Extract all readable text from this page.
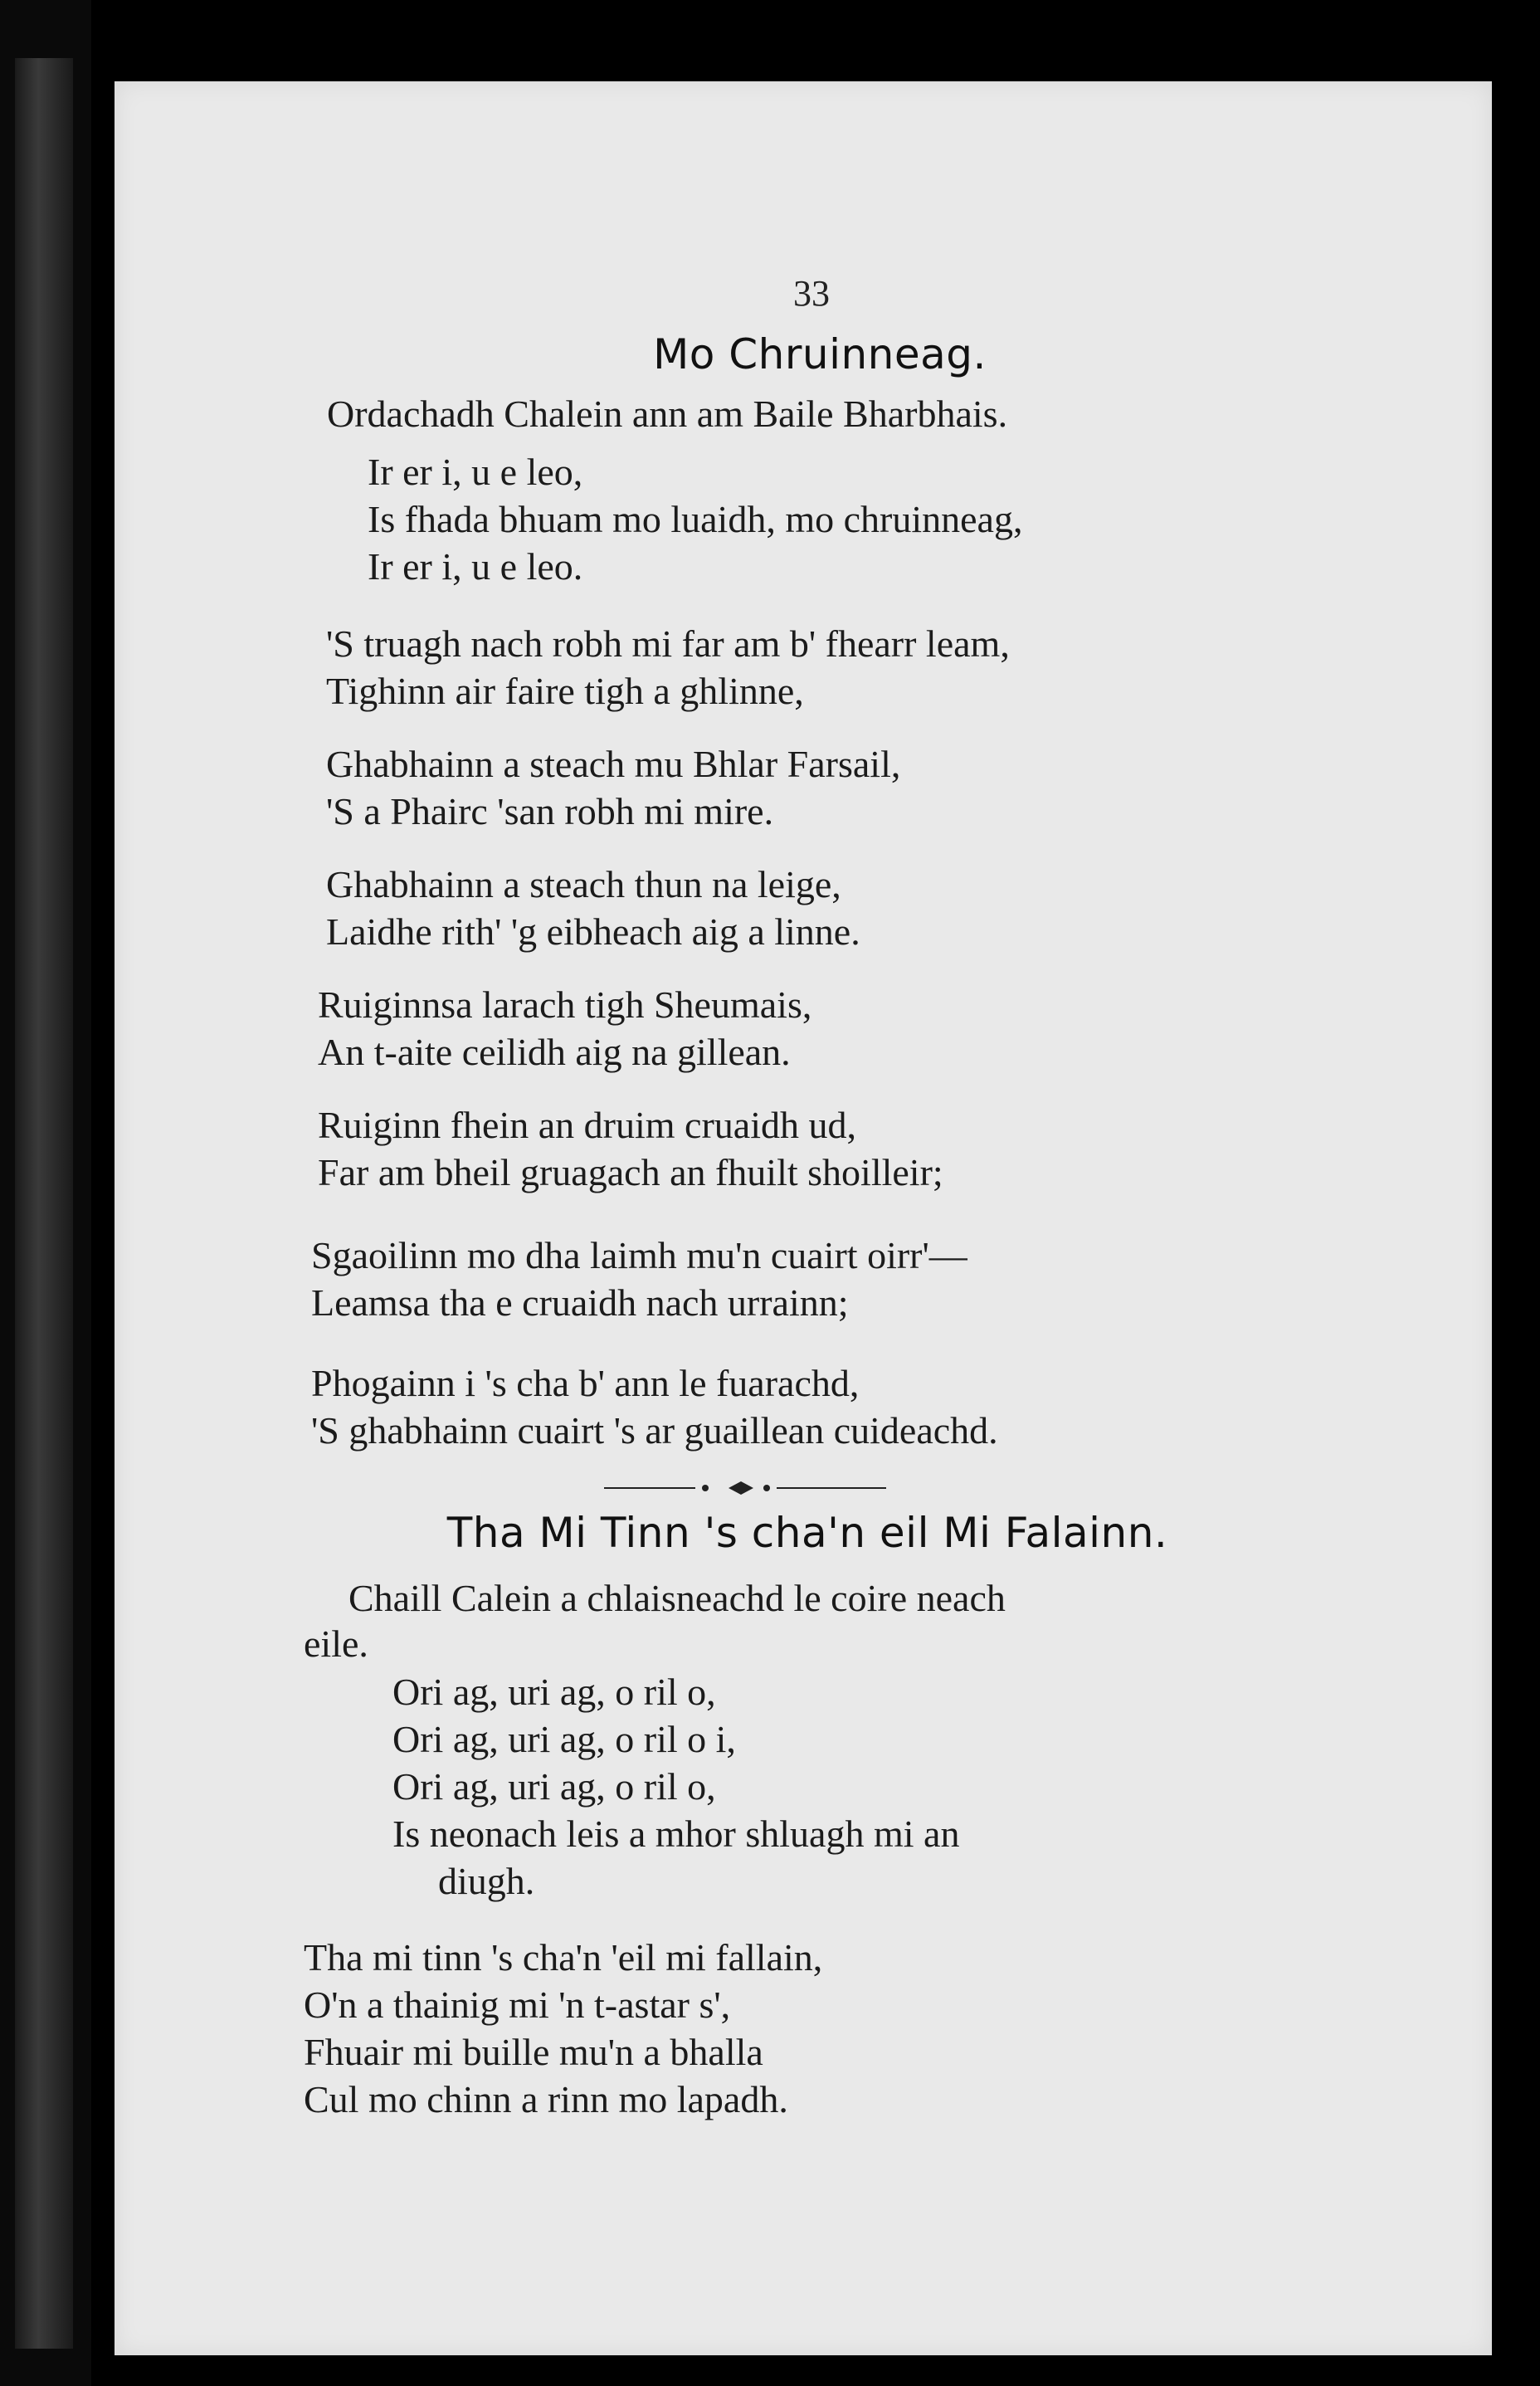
33
Mo Chruinneag.
Ordachadh Chalein ann am Baile Bharbhais.
Ir er i, u e leo,
Is fhada bhuam mo luaidh, mo chruinneag,
Ir er i, u e leo.
'S truagh nach robh mi far am b' fhearr leam,
Tighinn air faire tigh a ghlinne,
Ghabhainn a steach mu Bhlar Farsail,
'S a Phairc 'san robh mi mire.
Ghabhainn a steach thun na leige,
Laidhe rith' 'g eibheach aig a linne.
Ruiginnsa larach tigh Sheumais,
An t-aite ceilidh aig na gillean.
Ruiginn fhein an druim cruaidh ud,
Far am bheil gruagach an fhuilt shoilleir;
Sgaoilinn mo dha laimh mu'n cuairt oirr'—
Leamsa tha e cruaidh nach urrainn;
Phogainn i 's cha b' ann le fuarachd,
'S ghabhainn cuairt 's ar guaillean cuideachd.
Tha Mi Tinn 's cha'n eil Mi Falainn.
Chaill Calein a chlaisneachd le coire neach
eile.
Ori ag, uri ag, o ril o,
Ori ag, uri ag, o ril o i,
Ori ag, uri ag, o ril o,
Is neonach leis a mhor shluagh mi an
diugh.
Tha mi tinn 's cha'n 'eil mi fallain,
O'n a thainig mi 'n t-astar s',
Fhuair mi buille mu'n a bhalla
Cul mo chinn a rinn mo lapadh.
